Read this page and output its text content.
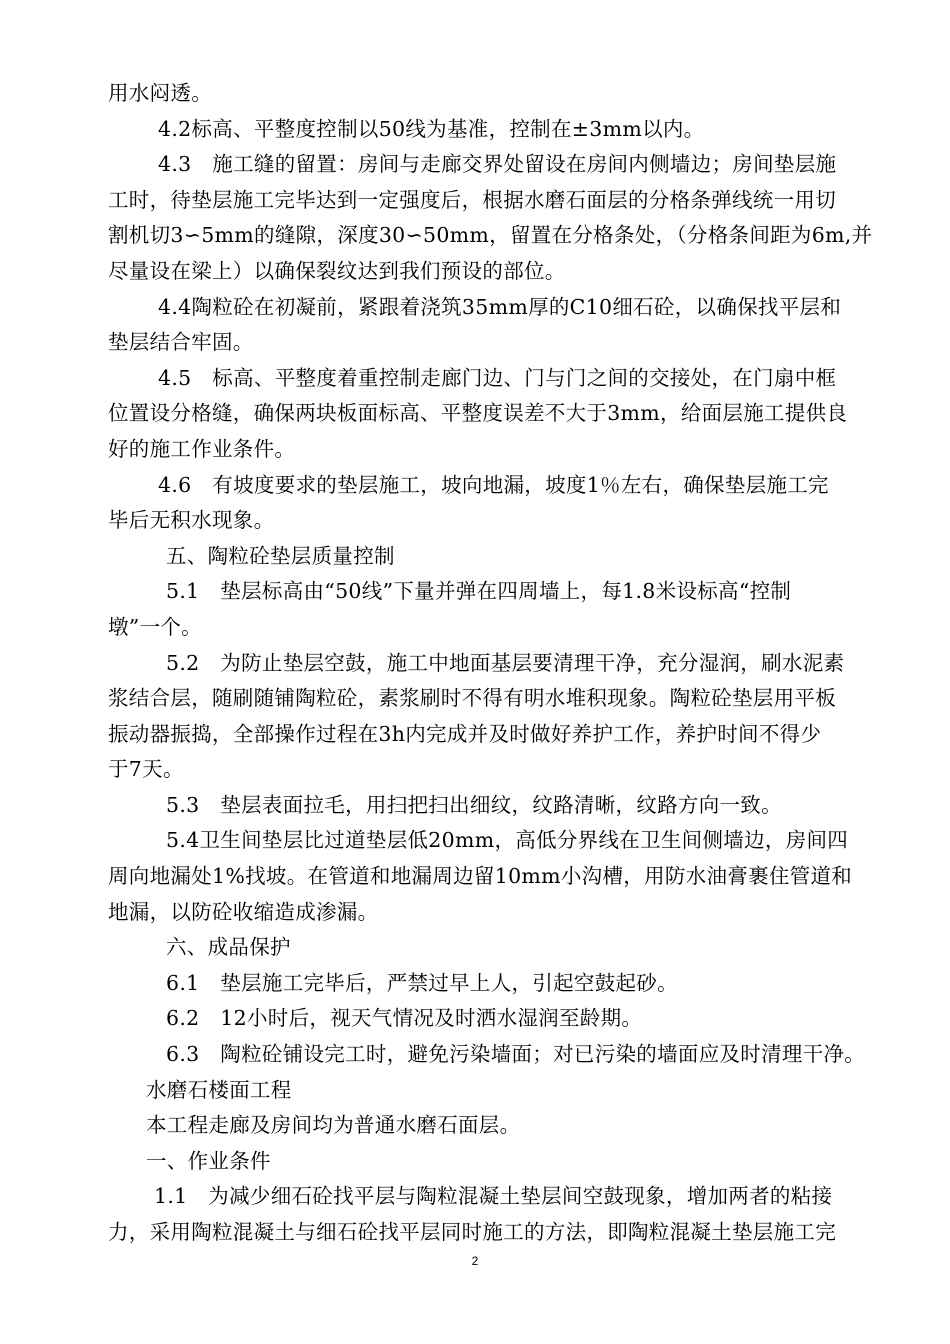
用水闷透。

4.2标高、平整度控制以50线为基准，控制在±3mm以内。

4.3　施工缝的留置：房间与走廊交界处留设在房间内侧墙边；房间垫层施

工时，待垫层施工完毕达到一定强度后，根据水磨石面层的分格条弹线统一用切

割机切3∽5mm的缝隙，深度30∽50mm，留置在分格条处，（分格条间距为6m,并

尽量设在梁上）以确保裂纹达到我们预设的部位。

4.4陶粒砼在初凝前，紧跟着浇筑35mm厚的C10细石砼，以确保找平层和

垫层结合牢固。

4.5　标高、平整度着重控制走廊门边、门与门之间的交接处，在门扇中框

位置设分格缝，确保两块板面标高、平整度误差不大于3mm，给面层施工提供良

好的施工作业条件。

4.6　有坡度要求的垫层施工，坡向地漏，坡度1％左右，确保垫层施工完

毕后无积水现象。

五、陶粒砼垫层质量控制

5.1　垫层标高由“50线”下量并弹在四周墙上，每1.8米设标高“控制

墩”一个。

5.2　为防止垫层空鼓，施工中地面基层要清理干净，充分湿润，刷水泥素

浆结合层，随刷随铺陶粒砼，素浆刷时不得有明水堆积现象。陶粒砼垫层用平板

振动器振捣，全部操作过程在3h内完成并及时做好养护工作，养护时间不得少

于7天。

5.3　垫层表面拉毛，用扫把扫出细纹，纹路清晰，纹路方向一致。

5.4卫生间垫层比过道垫层低20mm，高低分界线在卫生间侧墙边，房间四

周向地漏处1%找坡。在管道和地漏周边留10mm小沟槽，用防水油膏裹住管道和

地漏，以防砼收缩造成渗漏。

六、成品保护

6.1　垫层施工完毕后，严禁过早上人，引起空鼓起砂。

6.2　12小时后，视天气情况及时洒水湿润至龄期。

6.3　陶粒砼铺设完工时，避免污染墙面；对已污染的墙面应及时清理干净。

水磨石楼面工程

本工程走廊及房间均为普通水磨石面层。

一、作业条件

1.1　为减少细石砼找平层与陶粒混凝土垫层间空鼓现象，增加两者的粘接

力，采用陶粒混凝土与细石砼找平层同时施工的方法，即陶粒混凝土垫层施工完

2
